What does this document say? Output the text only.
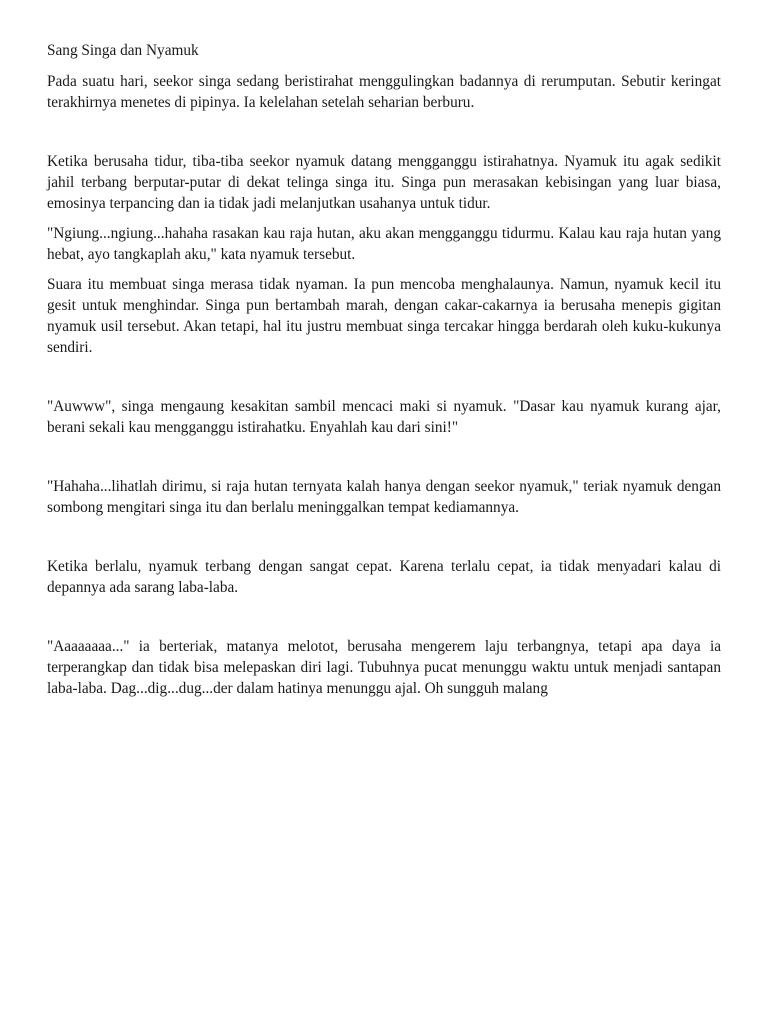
Sang Singa dan Nyamuk

Pada suatu hari, seekor singa sedang beristirahat menggulingkan badannya di rerumputan. Sebutir keringat terakhirnya menetes di pipinya. Ia kelelahan setelah seharian berburu.

Ketika berusaha tidur, tiba-tiba seekor nyamuk datang mengganggu istirahatnya. Nyamuk itu agak sedikit jahil terbang berputar-putar di dekat telinga singa itu. Singa pun merasakan kebisingan yang luar biasa, emosinya terpancing dan ia tidak jadi melanjutkan usahanya untuk tidur.

"Ngiung...ngiung...hahaha rasakan kau raja hutan, aku akan mengganggu tidurmu. Kalau kau raja hutan yang hebat, ayo tangkaplah aku," kata nyamuk tersebut.

Suara itu membuat singa merasa tidak nyaman. Ia pun mencoba menghalaunya. Namun, nyamuk kecil itu gesit untuk menghindar. Singa pun bertambah marah, dengan cakar-cakarnya ia berusaha menepis gigitan nyamuk usil tersebut. Akan tetapi, hal itu justru membuat singa tercakar hingga berdarah oleh kuku-kukunya sendiri.

"Auwww", singa mengaung kesakitan sambil mencaci maki si nyamuk. "Dasar kau nyamuk kurang ajar, berani sekali kau mengganggu istirahatku. Enyahlah kau dari sini!"

"Hahaha...lihatlah dirimu, si raja hutan ternyata kalah hanya dengan seekor nyamuk," teriak nyamuk dengan sombong mengitari singa itu dan berlalu meninggalkan tempat kediamannya.

Ketika berlalu, nyamuk terbang dengan sangat cepat. Karena terlalu cepat, ia tidak menyadari kalau di depannya ada sarang laba-laba.

"Aaaaaaaa..." ia berteriak, matanya melotot, berusaha mengerem laju terbangnya, tetapi apa daya ia terperangkap dan tidak bisa melepaskan diri lagi. Tubuhnya pucat menunggu waktu untuk menjadi santapan laba-laba. Dag...dig...dug...der dalam hatinya menunggu ajal. Oh sungguh malang
